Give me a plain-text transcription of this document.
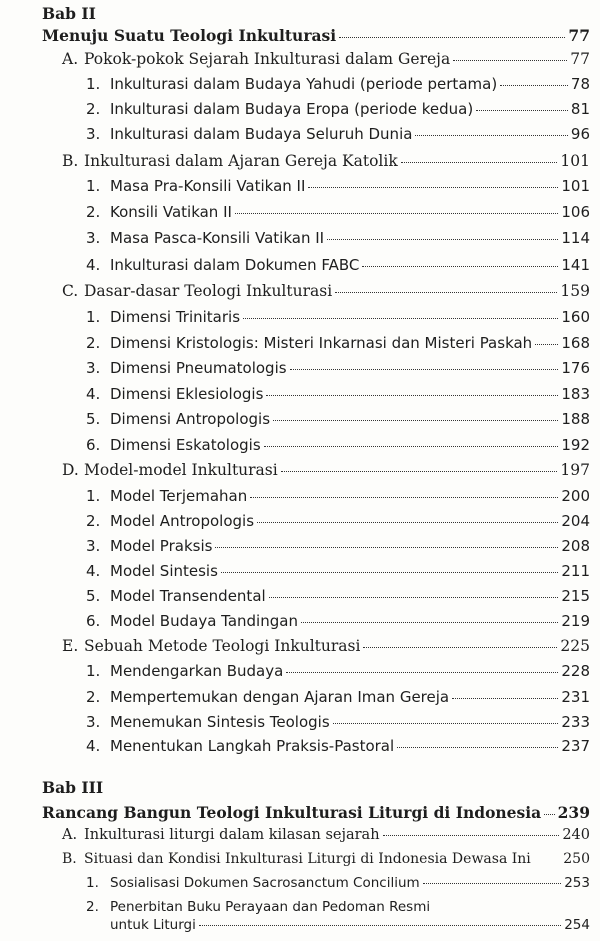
Bab II
Menuju Suatu Teologi Inkulturasi	77
A. Pokok-pokok Sejarah Inkulturasi dalam Gereja	77
1. Inkulturasi dalam Budaya Yahudi (periode pertama)	78
2. Inkulturasi dalam Budaya Eropa (periode kedua)	81
3. Inkulturasi dalam Budaya Seluruh Dunia	96
B. Inkulturasi dalam Ajaran Gereja Katolik	101
1. Masa Pra-Konsili Vatikan II	101
2. Konsili Vatikan II	106
3. Masa Pasca-Konsili Vatikan II	114
4. Inkulturasi dalam Dokumen FABC	141
C. Dasar-dasar Teologi Inkulturasi	159
1. Dimensi Trinitaris	160
2. Dimensi Kristologis: Misteri Inkarnasi dan Misteri Paskah 168
3. Dimensi Pneumatologis	176
4. Dimensi Eklesiologis	183
5. Dimensi Antropologis	188
6. Dimensi Eskatologis	192
D. Model-model Inkulturasi	197
1. Model Terjemahan	200
2. Model Antropologis	204
3. Model Praksis	208
4. Model Sintesis	211
5. Model Transendental	215
6. Model Budaya Tandingan	219
E. Sebuah Metode Teologi Inkulturasi	225
1. Mendengarkan Budaya	228
2. Mempertemukan dengan Ajaran Iman Gereja	231
3. Menemukan Sintesis Teologis	233
4. Menentukan Langkah Praksis-Pastoral	237
Bab III
Rancang Bangun Teologi Inkulturasi Liturgi di Indonesia 239
A. Inkulturasi liturgi dalam kilasan sejarah	240
B. Situasi dan Kondisi Inkulturasi Liturgi di Indonesia Dewasa Ini 250
1. Sosialisasi Dokumen Sacrosanctum Concilium	253
2. Penerbitan Buku Perayaan dan Pedoman Resmi
untuk Liturgi	254
